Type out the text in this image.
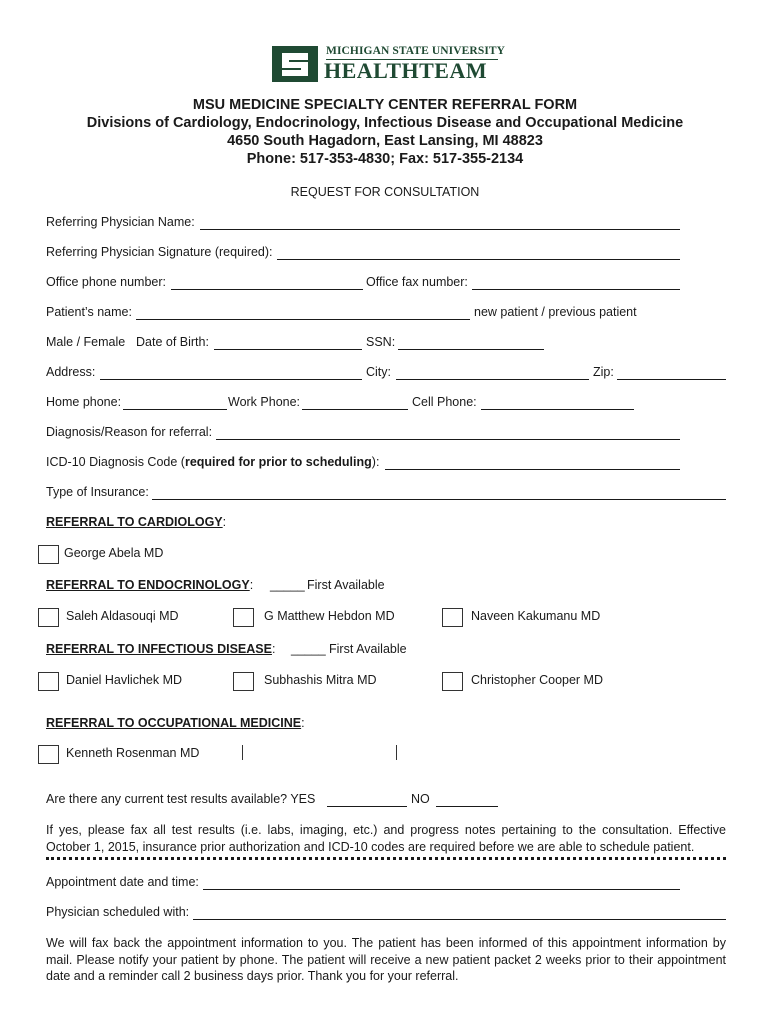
MICHIGAN STATE UNIVERSITY
HEALTHTEAM
MSU MEDICINE SPECIALTY CENTER REFERRAL FORM
Divisions of Cardiology, Endocrinology, Infectious Disease and Occupational Medicine
4650 South Hagadorn, East Lansing, MI 48823
Phone: 517-353-4830; Fax: 517-355-2134
REQUEST FOR CONSULTATION
Referring Physician Name:
Referring Physician Signature (required):
Office phone number:	Office fax number:
Patient’s name:	new patient / previous patient
Male / Female Date of Birth:	SSN:
Address:	City:	Zip:
Home phone:	Work Phone:	Cell Phone:
Diagnosis/Reason for referral:
ICD-10 Diagnosis Code (required for prior to scheduling):
Type of Insurance:
REFERRAL TO CARDIOLOGY:
George Abela MD
REFERRAL TO ENDOCRINOLOGY: _____ First Available
Saleh Aldasouqi MD	G Matthew Hebdon MD	Naveen Kakumanu MD
REFERRAL TO INFECTIOUS DISEASE: _____ First Available
Daniel Havlichek MD	Subhashis Mitra MD	Christopher Cooper MD
REFERRAL TO OCCUPATIONAL MEDICINE:
Kenneth Rosenman MD
Are there any current test results available? YES	NO
If yes, please fax all test results (i.e. labs, imaging, etc.) and progress notes pertaining to the consultation. Effective October 1, 2015, insurance prior authorization and ICD-10 codes are required before we are able to schedule patient.
Appointment date and time:
Physician scheduled with:
We will fax back the appointment information to you. The patient has been informed of this appointment information by mail. Please notify your patient by phone. The patient will receive a new patient packet 2 weeks prior to their appointment date and a reminder call 2 business days prior. Thank you for your referral.
